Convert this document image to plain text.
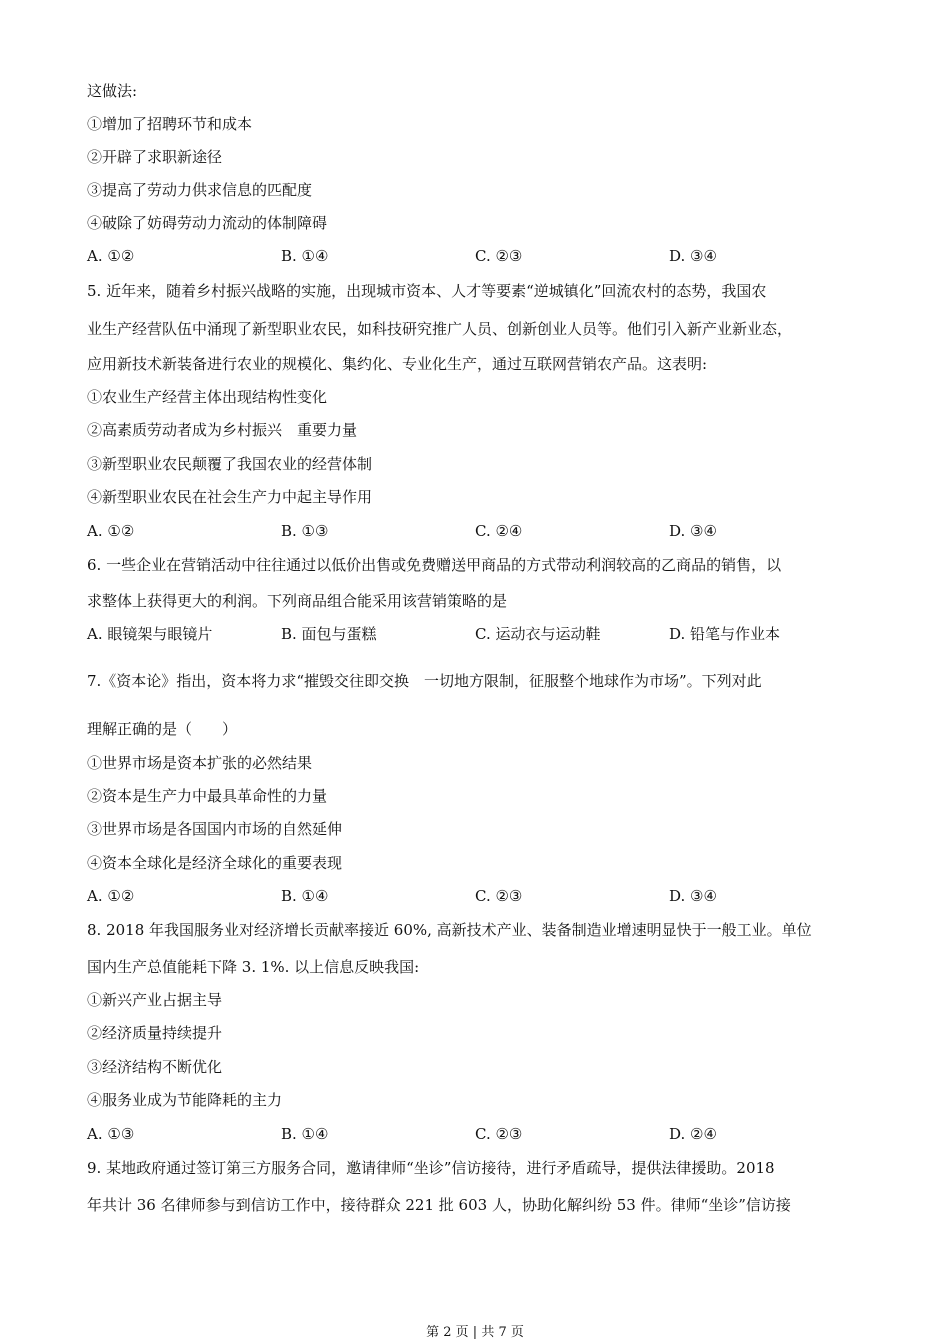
这做法:
①增加了招聘环节和成本
②开辟了求职新途径
③提高了劳动力供求信息的匹配度
④破除了妨碍劳动力流动的体制障碍
A. ①②	B. ①④	C. ②③	D. ③④
5. 近年来，随着乡村振兴战略的实施，出现城市资本、人才等要素“逆城镇化”回流农村的态势，我国农
业生产经营队伍中涌现了新型职业农民，如科技研究推广人员、创新创业人员等。他们引入新产业新业态，
应用新技术新装备进行农业的规模化、集约化、专业化生产，通过互联网营销农产品。这表明:
①农业生产经营主体出现结构性变化
②高素质劳动者成为乡村振兴　重要力量
③新型职业农民颠覆了我国农业的经营体制
④新型职业农民在社会生产力中起主导作用
A. ①②	B. ①③	C. ②④	D. ③④
6. 一些企业在营销活动中往往通过以低价出售或免费赠送甲商品的方式带动利润较高的乙商品的销售，以
求整体上获得更大的利润。下列商品组合能采用该营销策略的是
A. 眼镜架与眼镜片	B. 面包与蛋糕	C. 运动衣与运动鞋	D. 铅笔与作业本
7.《资本论》指出，资本将力求“摧毁交往即交换　一切地方限制，征服整个地球作为市场”。下列对此
理解正确的是（　　）
①世界市场是资本扩张的必然结果
②资本是生产力中最具革命性的力量
③世界市场是各国国内市场的自然延伸
④资本全球化是经济全球化的重要表现
A. ①②	B. ①④	C. ②③	D. ③④
8. 2018 年我国服务业对经济增长贡献率接近 60%, 高新技术产业、装备制造业增速明显快于一般工业。单位
国内生产总值能耗下降 3. 1%. 以上信息反映我国:
①新兴产业占据主导
②经济质量持续提升
③经济结构不断优化
④服务业成为节能降耗的主力
A. ①③	B. ①④	C. ②③	D. ②④
9. 某地政府通过签订第三方服务合同，邀请律师“坐诊”信访接待，进行矛盾疏导，提供法律援助。2018
年共计 36 名律师参与到信访工作中，接待群众 221 批 603 人，协助化解纠纷 53 件。律师“坐诊”信访接
第 2 页 | 共 7 页
